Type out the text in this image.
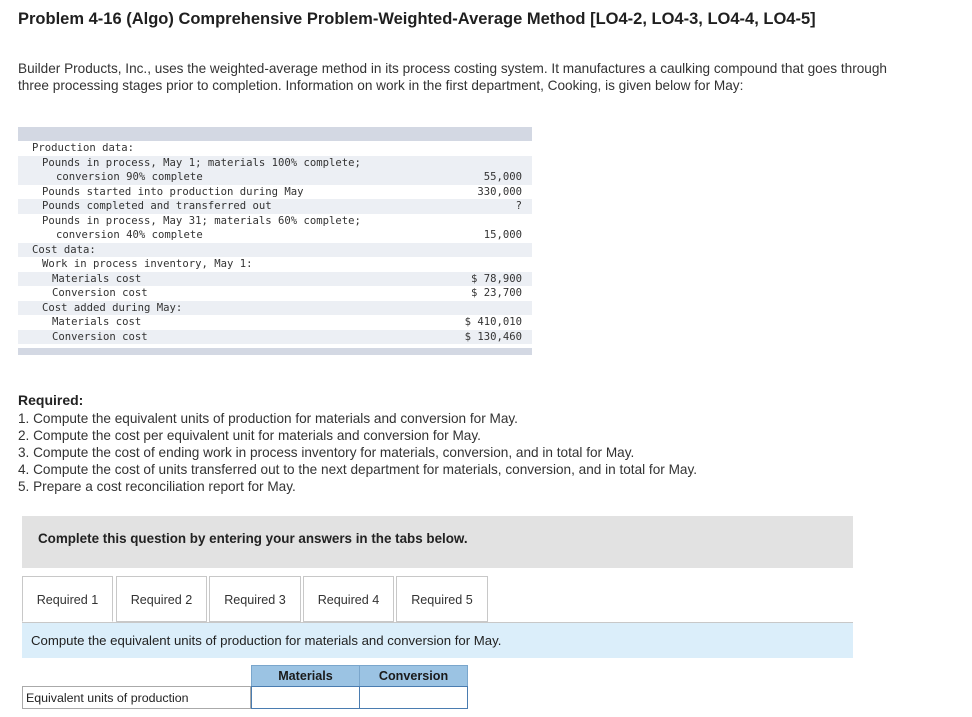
Problem 4-16 (Algo) Comprehensive Problem-Weighted-Average Method [LO4-2, LO4-3, LO4-4, LO4-5]
Builder Products, Inc., uses the weighted-average method in its process costing system. It manufactures a caulking compound that goes through three processing stages prior to completion. Information on work in the first department, Cooking, is given below for May:
Production data:
Pounds in process, May 1; materials 100% complete;
conversion 90% complete	55,000
Pounds started into production during May	330,000
Pounds completed and transferred out	?
Pounds in process, May 31; materials 60% complete;
conversion 40% complete	15,000
Cost data:
Work in process inventory, May 1:
Materials cost	$ 78,900
Conversion cost	$ 23,700
Cost added during May:
Materials cost	$ 410,010
Conversion cost	$ 130,460
Required:
1. Compute the equivalent units of production for materials and conversion for May.
2. Compute the cost per equivalent unit for materials and conversion for May.
3. Compute the cost of ending work in process inventory for materials, conversion, and in total for May.
4. Compute the cost of units transferred out to the next department for materials, conversion, and in total for May.
5. Prepare a cost reconciliation report for May.
Complete this question by entering your answers in the tabs below.
Required 1	Required 2	Required 3	Required 4	Required 5
Compute the equivalent units of production for materials and conversion for May.
Materials	Conversion
Equivalent units of production
